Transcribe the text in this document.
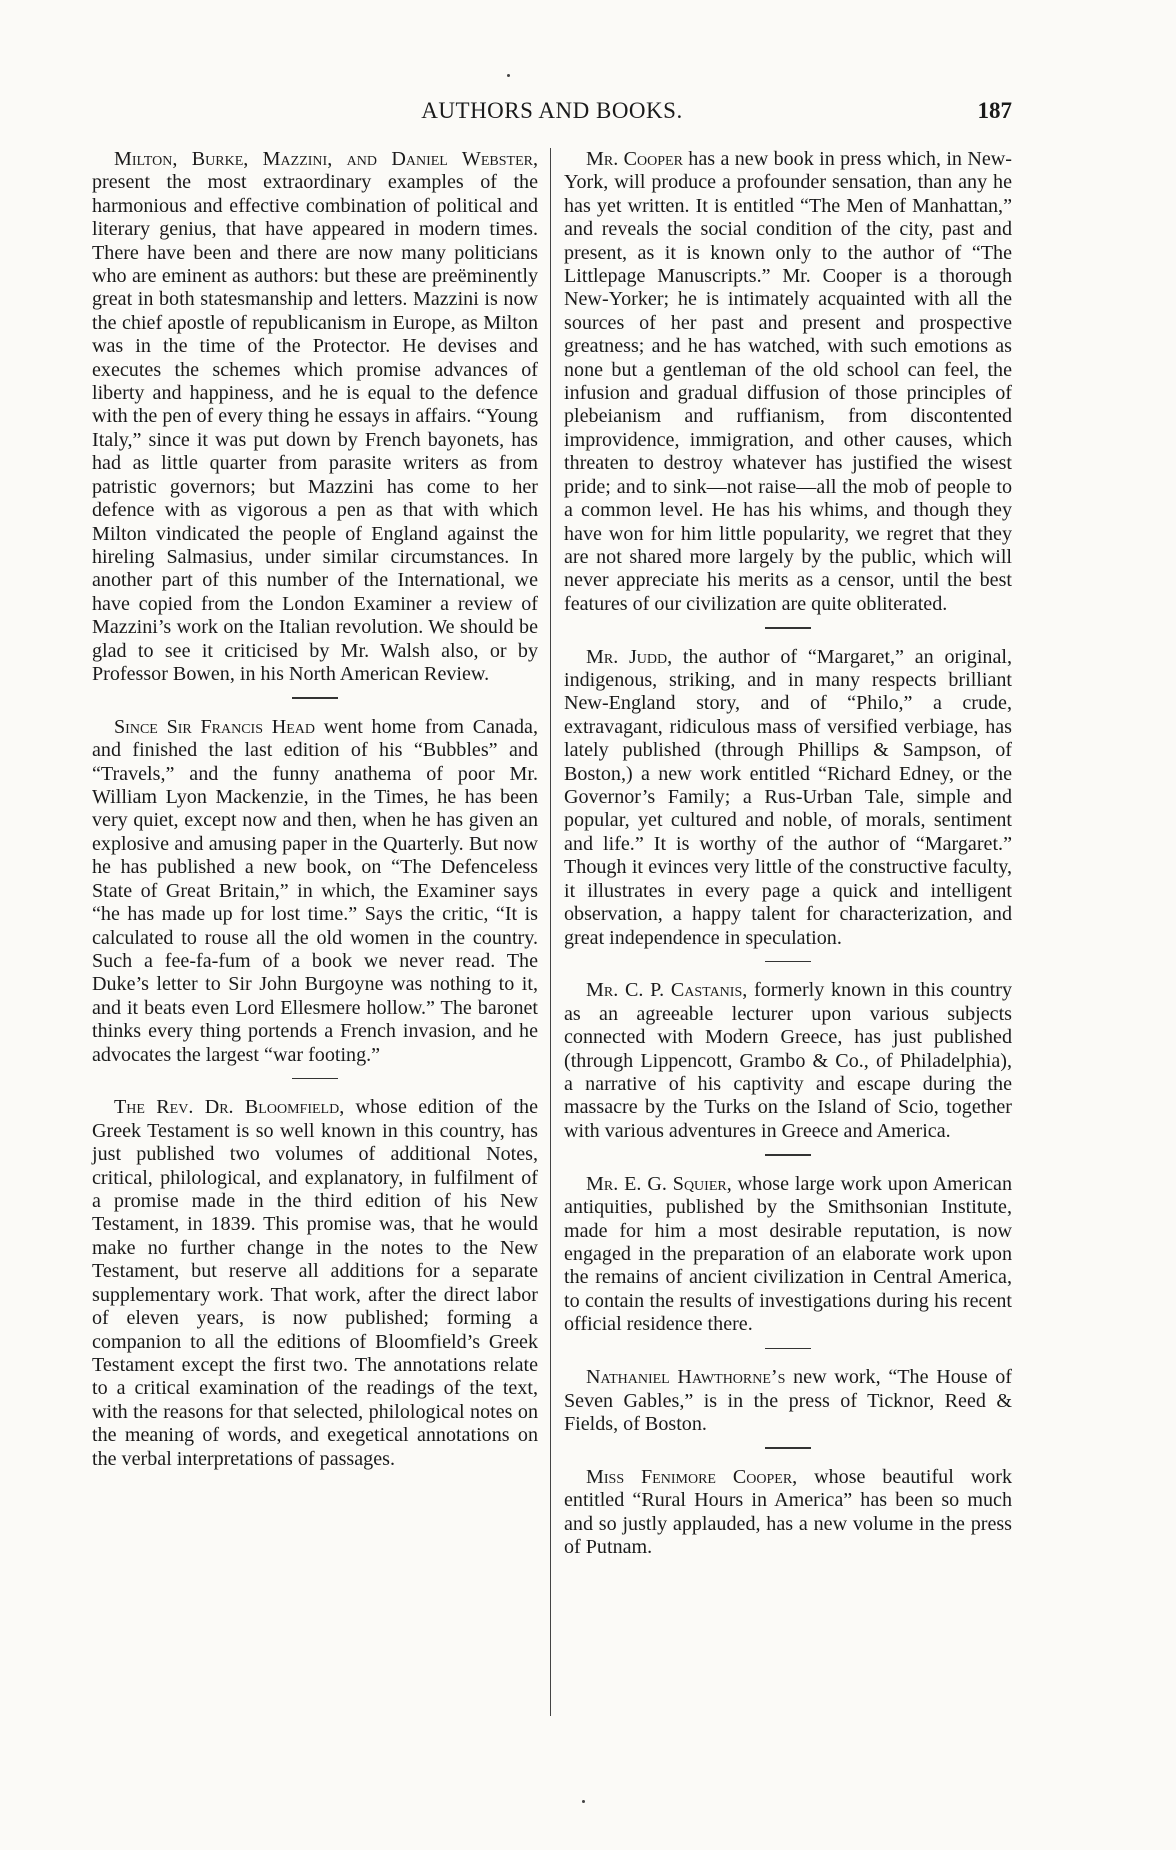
AUTHORS AND BOOKS.	187

Milton, Burke, Mazzini, and Daniel Webster, present the most extraordinary examples of the harmonious and effective combination of political and literary genius, that have appeared in modern times. There have been and there are now many politicians who are eminent as authors: but these are preëminently great in both statesmanship and letters. Mazzini is now the chief apostle of republicanism in Europe, as Milton was in the time of the Protector. He devises and executes the schemes which promise advances of liberty and happiness, and he is equal to the defence with the pen of every thing he essays in affairs. “Young Italy,” since it was put down by French bayonets, has had as little quarter from parasite writers as from patristic governors; but Mazzini has come to her defence with as vigorous a pen as that with which Milton vindicated the people of England against the hireling Salmasius, under similar circumstances. In another part of this number of the International, we have copied from the London Examiner a review of Mazzini’s work on the Italian revolution. We should be glad to see it criticised by Mr. Walsh also, or by Professor Bowen, in his North American Review.

Since Sir Francis Head went home from Canada, and finished the last edition of his “Bubbles” and “Travels,” and the funny anathema of poor Mr. William Lyon Mackenzie, in the Times, he has been very quiet, except now and then, when he has given an explosive and amusing paper in the Quarterly. But now he has published a new book, on “The Defenceless State of Great Britain,” in which, the Examiner says “he has made up for lost time.” Says the critic, “It is calculated to rouse all the old women in the country. Such a fee-fa-fum of a book we never read. The Duke’s letter to Sir John Burgoyne was nothing to it, and it beats even Lord Ellesmere hollow.” The baronet thinks every thing portends a French invasion, and he advocates the largest “war footing.”

The Rev. Dr. Bloomfield, whose edition of the Greek Testament is so well known in this country, has just published two volumes of additional Notes, critical, philological, and explanatory, in fulfilment of a promise made in the third edition of his New Testament, in 1839. This promise was, that he would make no further change in the notes to the New Testament, but reserve all additions for a separate supplementary work. That work, after the direct labor of eleven years, is now published; forming a companion to all the editions of Bloomfield’s Greek Testament except the first two. The annotations relate to a critical examination of the readings of the text, with the reasons for that selected, philological notes on the meaning of words, and exegetical annotations on the verbal interpretations of passages.

Mr. Cooper has a new book in press which, in New-York, will produce a profounder sensation, than any he has yet written. It is entitled “The Men of Manhattan,” and reveals the social condition of the city, past and present, as it is known only to the author of “The Littlepage Manuscripts.” Mr. Cooper is a thorough New-Yorker; he is intimately acquainted with all the sources of her past and present and prospective greatness; and he has watched, with such emotions as none but a gentleman of the old school can feel, the infusion and gradual diffusion of those principles of plebeianism and ruffianism, from discontented improvidence, immigration, and other causes, which threaten to destroy whatever has justified the wisest pride; and to sink—not raise—all the mob of people to a common level. He has his whims, and though they have won for him little popularity, we regret that they are not shared more largely by the public, which will never appreciate his merits as a censor, until the best features of our civilization are quite obliterated.

Mr. Judd, the author of “Margaret,” an original, indigenous, striking, and in many respects brilliant New-England story, and of “Philo,” a crude, extravagant, ridiculous mass of versified verbiage, has lately published (through Phillips & Sampson, of Boston,) a new work entitled “Richard Edney, or the Governor’s Family; a Rus-Urban Tale, simple and popular, yet cultured and noble, of morals, sentiment and life.” It is worthy of the author of “Margaret.” Though it evinces very little of the constructive faculty, it illustrates in every page a quick and intelligent observation, a happy talent for characterization, and great independence in speculation.

Mr. C. P. Castanis, formerly known in this country as an agreeable lecturer upon various subjects connected with Modern Greece, has just published (through Lippencott, Grambo & Co., of Philadelphia), a narrative of his captivity and escape during the massacre by the Turks on the Island of Scio, together with various adventures in Greece and America.

Mr. E. G. Squier, whose large work upon American antiquities, published by the Smithsonian Institute, made for him a most desirable reputation, is now engaged in the preparation of an elaborate work upon the remains of ancient civilization in Central America, to contain the results of investigations during his recent official residence there.

Nathaniel Hawthorne’s new work, “The House of Seven Gables,” is in the press of Ticknor, Reed & Fields, of Boston.

Miss Fenimore Cooper, whose beautiful work entitled “Rural Hours in America” has been so much and so justly applauded, has a new volume in the press of Putnam.
